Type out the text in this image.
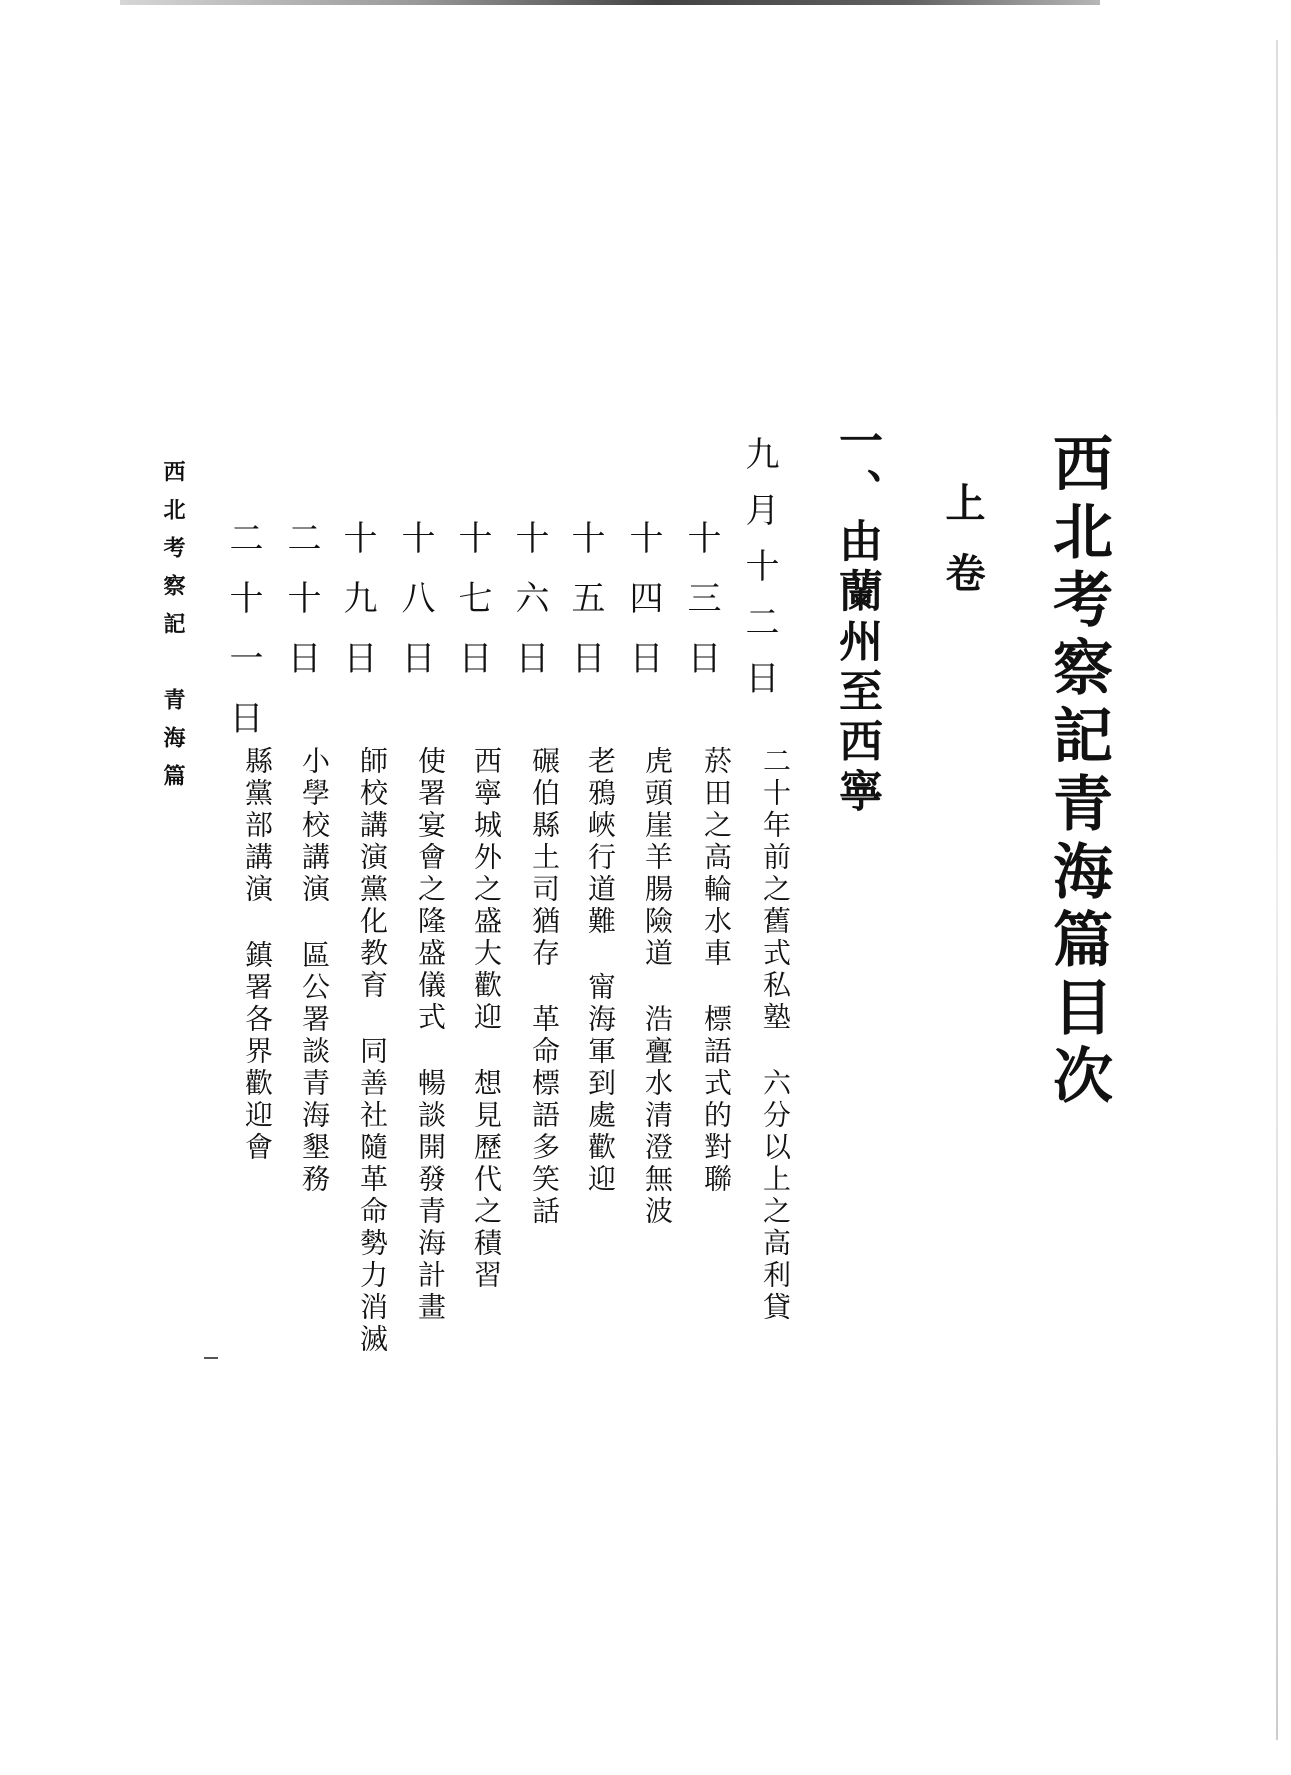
西北考察記青海篇目次
上卷
一、由蘭州至西寧
九月十二日
二十年前之舊式私塾六分以上之高利貸
十三日
菸田之高輪水車標語式的對聯
十四日
虎頭崖羊腸險道浩亹水清澄無波
十五日
老鴉峽行道難甯海軍到處歡迎
十六日
碾伯縣土司猶存革命標語多笑話
十七日
西寧城外之盛大歡迎想見歷代之積習
十八日
使署宴會之隆盛儀式暢談開發青海計畫
十九日
師校講演黨化教育同善社隨革命勢力消滅
二十日
小學校講演區公署談青海墾務
二十一日
縣黨部講演鎮署各界歡迎會
西北考察記　青海篇
